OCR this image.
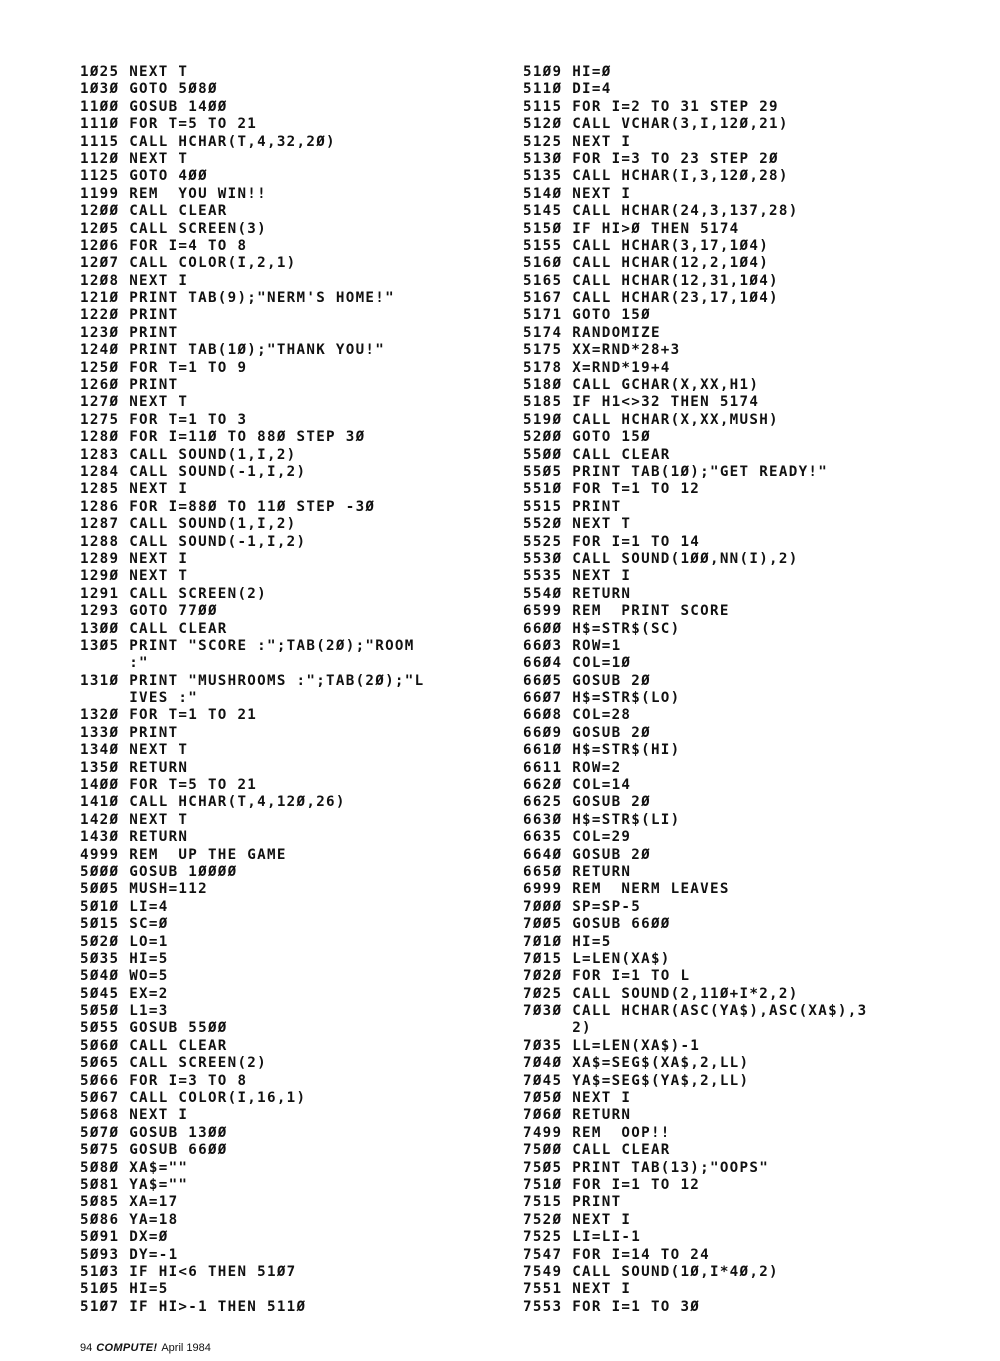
1Ø25 NEXT T
1Ø3Ø GOTO 5Ø8Ø
11ØØ GOSUB 14ØØ
111Ø FOR T=5 TO 21
1115 CALL HCHAR(T,4,32,2Ø)
112Ø NEXT T
1125 GOTO 4ØØ
1199 REM  YOU WIN!!
12ØØ CALL CLEAR
12Ø5 CALL SCREEN(3)
12Ø6 FOR I=4 TO 8
12Ø7 CALL COLOR(I,2,1)
12Ø8 NEXT I
121Ø PRINT TAB(9);"NERM'S HOME!"
122Ø PRINT
123Ø PRINT
124Ø PRINT TAB(1Ø);"THANK YOU!"
125Ø FOR T=1 TO 9
126Ø PRINT
127Ø NEXT T
1275 FOR T=1 TO 3
128Ø FOR I=11Ø TO 88Ø STEP 3Ø
1283 CALL SOUND(1,I,2)
1284 CALL SOUND(-1,I,2)
1285 NEXT I
1286 FOR I=88Ø TO 11Ø STEP -3Ø
1287 CALL SOUND(1,I,2)
1288 CALL SOUND(-1,I,2)
1289 NEXT I
129Ø NEXT T
1291 CALL SCREEN(2)
1293 GOTO 77ØØ
13ØØ CALL CLEAR
13Ø5 PRINT "SCORE :";TAB(2Ø);"ROOM
:"
131Ø PRINT "MUSHROOMS :";TAB(2Ø);"L
IVES :"
132Ø FOR T=1 TO 21
133Ø PRINT
134Ø NEXT T
135Ø RETURN
14ØØ FOR T=5 TO 21
141Ø CALL HCHAR(T,4,12Ø,26)
142Ø NEXT T
143Ø RETURN
4999 REM  UP THE GAME
5ØØØ GOSUB 1ØØØØ
5ØØ5 MUSH=112
5Ø1Ø LI=4
5Ø15 SC=Ø
5Ø2Ø LO=1
5Ø35 HI=5
5Ø4Ø WO=5
5Ø45 EX=2
5Ø5Ø L1=3
5Ø55 GOSUB 55ØØ
5Ø6Ø CALL CLEAR
5Ø65 CALL SCREEN(2)
5Ø66 FOR I=3 TO 8
5Ø67 CALL COLOR(I,16,1)
5Ø68 NEXT I
5Ø7Ø GOSUB 13ØØ
5Ø75 GOSUB 66ØØ
5Ø8Ø XA$=""
5Ø81 YA$=""
5Ø85 XA=17
5Ø86 YA=18
5Ø91 DX=Ø
5Ø93 DY=-1
51Ø3 IF HI<6 THEN 51Ø7
51Ø5 HI=5
51Ø7 IF HI>-1 THEN 511Ø
51Ø9 HI=Ø
511Ø DI=4
5115 FOR I=2 TO 31 STEP 29
512Ø CALL VCHAR(3,I,12Ø,21)
5125 NEXT I
513Ø FOR I=3 TO 23 STEP 2Ø
5135 CALL HCHAR(I,3,12Ø,28)
514Ø NEXT I
5145 CALL HCHAR(24,3,137,28)
515Ø IF HI>Ø THEN 5174
5155 CALL HCHAR(3,17,1Ø4)
516Ø CALL HCHAR(12,2,1Ø4)
5165 CALL HCHAR(12,31,1Ø4)
5167 CALL HCHAR(23,17,1Ø4)
5171 GOTO 15Ø
5174 RANDOMIZE
5175 XX=RND*28+3
5178 X=RND*19+4
518Ø CALL GCHAR(X,XX,H1)
5185 IF H1<>32 THEN 5174
519Ø CALL HCHAR(X,XX,MUSH)
52ØØ GOTO 15Ø
55ØØ CALL CLEAR
55Ø5 PRINT TAB(1Ø);"GET READY!"
551Ø FOR T=1 TO 12
5515 PRINT
552Ø NEXT T
5525 FOR I=1 TO 14
553Ø CALL SOUND(1ØØ,NN(I),2)
5535 NEXT I
554Ø RETURN
6599 REM  PRINT SCORE
66ØØ H$=STR$(SC)
66Ø3 ROW=1
66Ø4 COL=1Ø
66Ø5 GOSUB 2Ø
66Ø7 H$=STR$(LO)
66Ø8 COL=28
66Ø9 GOSUB 2Ø
661Ø H$=STR$(HI)
6611 ROW=2
662Ø COL=14
6625 GOSUB 2Ø
663Ø H$=STR$(LI)
6635 COL=29
664Ø GOSUB 2Ø
665Ø RETURN
6999 REM  NERM LEAVES
7ØØØ SP=SP-5
7ØØ5 GOSUB 66ØØ
7Ø1Ø HI=5
7Ø15 L=LEN(XA$)
7Ø2Ø FOR I=1 TO L
7Ø25 CALL SOUND(2,11Ø+I*2,2)
7Ø3Ø CALL HCHAR(ASC(YA$),ASC(XA$),3
2)
7Ø35 LL=LEN(XA$)-1
7Ø4Ø XA$=SEG$(XA$,2,LL)
7Ø45 YA$=SEG$(YA$,2,LL)
7Ø5Ø NEXT I
7Ø6Ø RETURN
7499 REM  OOP!!
75ØØ CALL CLEAR
75Ø5 PRINT TAB(13);"OOPS"
751Ø FOR I=1 TO 12
7515 PRINT
752Ø NEXT I
7525 LI=LI-1
7547 FOR I=14 TO 24
7549 CALL SOUND(1Ø,I*4Ø,2)
7551 NEXT I
7553 FOR I=1 TO 3Ø
94 COMPUTE! April 1984
